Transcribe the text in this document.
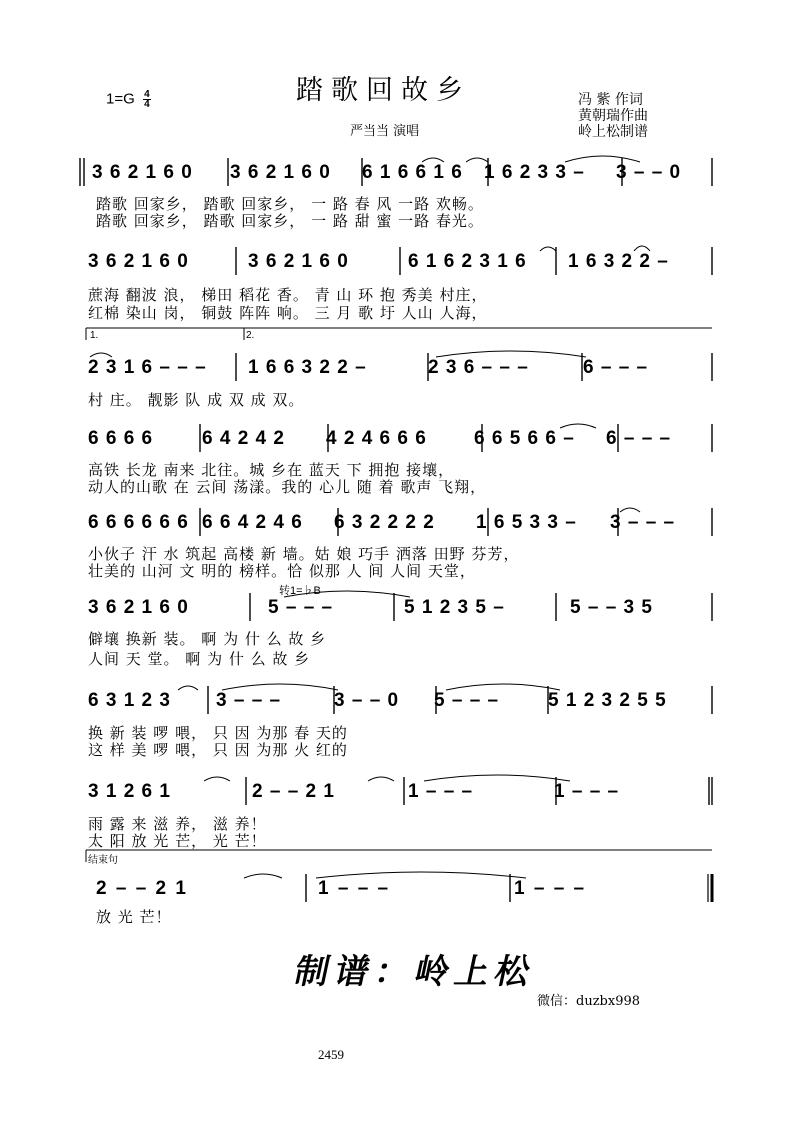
踏歌回故乡
$1=G \frac{4}{4}$
严当当 演唱
冯 紫 作词
黄朝瑞作曲
岭上松制谱
3 6 2 1 6 0 3 6 2 1 6 0 6 1 6 6 1 6 1 6 2 3 3 – 3 – – 0
踏歌 回家乡， 踏歌 回家乡， 一 路 春 风 一路 欢畅。
踏歌 回家乡， 踏歌 回家乡， 一 路 甜 蜜 一路 春光。
3 6 2 1 6 0	3 6 2 1 6 0	6 1 6 2 3 1 6 1 6 3 2 2 –
蔗海 翻波 浪， 梯田 稻花 香。 青 山 环 抱 秀美 村庄，
红棉 染山 岗， 铜鼓 阵阵 响。 三 月 歌 圩 人山 人海，
1.	2.
2 3 1 6 – – – 1 6 6 3 2 2 –	2 3 6 – – –	6 – – –
村 庄。 靓影 队 成 双 成 双。
6 6 6 6	6 4 2 4 2 4 2 4 6 6 6	6 6 5 6 6 – 6 – – –
高铁 长龙 南来 北往。城 乡在 蓝天 下 拥抱 接壤，
动人的山歌 在 云间 荡漾。我的 心儿 随 着 歌声 飞翔，
6 6 6 6 6 6 6 6 4 2 4 6 6 3 2 2 2 2 1 6 5 3 3 – 3 – – –
小伙子 汗 水 筑起 高楼 新 墙。姑 娘 巧手 洒落 田野 芬芳，
壮美的 山河 文 明的 榜样。恰 似那 人 间 人间 天堂，
转1=♭B
3 6 2 1 6 0	5 – – –	5 1 2 3 5 –	5 – – 3 5
僻壤 换新 装。 啊 为 什 么 故 乡
人间 天 堂。 啊 为 什 么 故 乡
6 3 1 2 3 3 – – –	3 – – 0 5 – – –	5 1 2 3 2 5 5
换 新 装 啰 喂， 只 因 为那 春 天的
这 样 美 啰 喂， 只 因 为那 火 红的
3 1 2 6 1	2 – – 2 1	1 – – –	1 – – –
雨 露 来 滋 养， 滋 养！
太 阳 放 光 芒， 光 芒！
结束句
2 – – 2 1	1 – – –	1 – – –
放 光 芒！
制谱：岭上松
微信：duzbx998
2459
